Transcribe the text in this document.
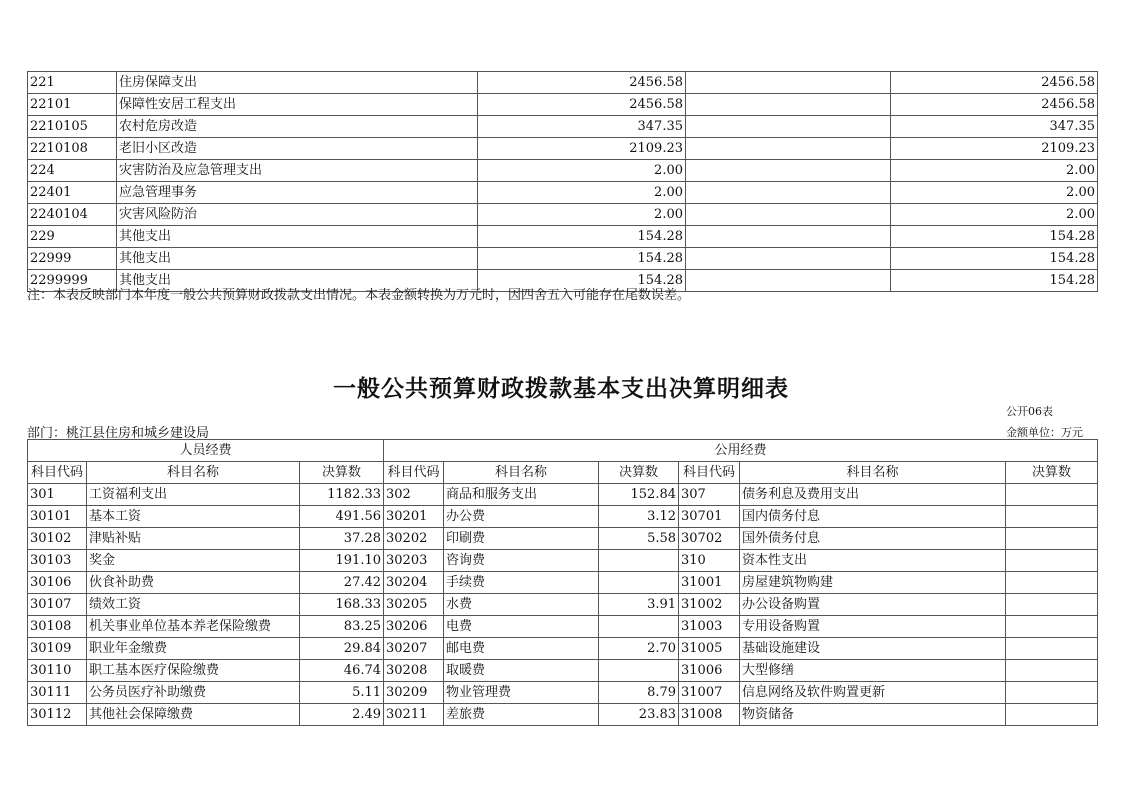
221	住房保障支出	2456.58		2456.58
22101	保障性安居工程支出	2456.58		2456.58
2210105	农村危房改造	347.35		347.35
2210108	老旧小区改造	2109.23		2109.23
224	灾害防治及应急管理支出	2.00		2.00
22401	应急管理事务	2.00		2.00
2240104	灾害风险防治	2.00		2.00
229	其他支出	154.28		154.28
22999	其他支出	154.28		154.28
2299999	其他支出	154.28		154.28
注：本表反映部门本年度一般公共预算财政拨款支出情况。本表金额转换为万元时，因四舍五入可能存在尾数误差。
一般公共预算财政拨款基本支出决算明细表
公开06表
部门：桃江县住房和城乡建设局	金额单位：万元
人员经费			公用经费					
科目代码	科目名称	决算数	科目代码	科目名称	决算数	科目代码	科目名称	决算数
301	工资福利支出	1182.33	302	商品和服务支出	152.84	307	债务利息及费用支出	
30101	基本工资	491.56	30201	办公费	3.12	30701	国内债务付息	
30102	津贴补贴	37.28	30202	印刷费	5.58	30702	国外债务付息	
30103	奖金	191.10	30203	咨询费		310	资本性支出	
30106	伙食补助费	27.42	30204	手续费		31001	房屋建筑物购建	
30107	绩效工资	168.33	30205	水费	3.91	31002	办公设备购置	
30108	机关事业单位基本养老保险缴费	83.25	30206	电费		31003	专用设备购置	
30109	职业年金缴费	29.84	30207	邮电费	2.70	31005	基础设施建设	
30110	职工基本医疗保险缴费	46.74	30208	取暖费		31006	大型修缮	
30111	公务员医疗补助缴费	5.11	30209	物业管理费	8.79	31007	信息网络及软件购置更新	
30112	其他社会保障缴费	2.49	30211	差旅费	23.83	31008	物资储备	
